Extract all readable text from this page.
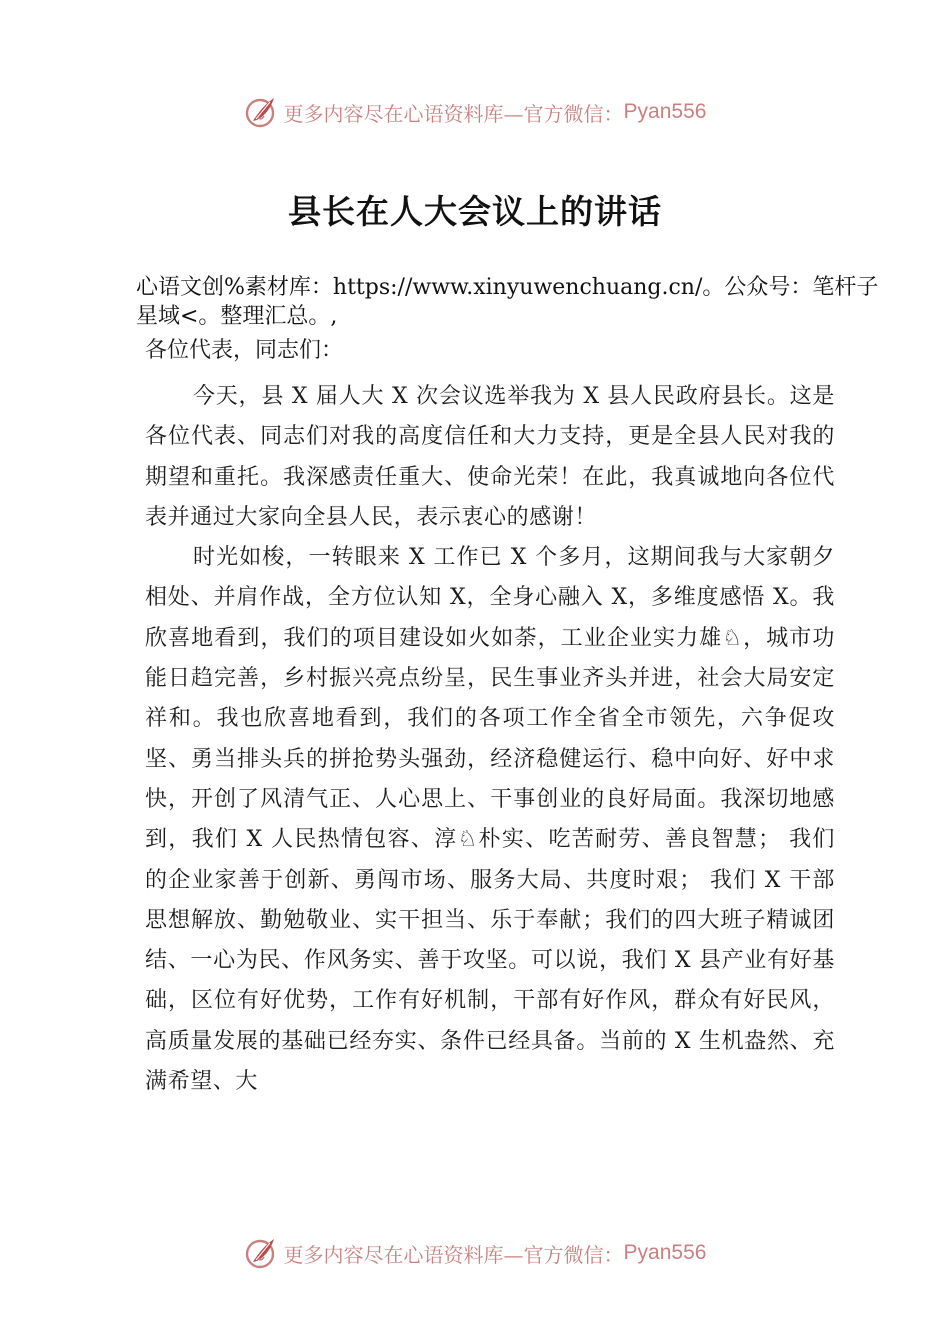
更多内容尽在心语资料库—官方微信： Pyan556
县长在人大会议上的讲话
心语文创%素材库：https://www.xinyuwenchuang.cn/。公众号：笔杆子星域<。整理汇总。,

各位代表，同志们：

今天，县 X 届人大 X 次会议选举我为 X 县人民政府县长。这是各位代表、同志们对我的高度信任和大力支持，更是全县人民对我的期望和重托。我深感责任重大、使命光荣！在此，我真诚地向各位代表并通过大家向全县人民，表示衷心的感谢！

时光如梭，一转眼来 X 工作已 X 个多月，这期间我与大家朝夕相处、并肩作战，全方位认知 X，全身心融入 X，多维度感悟 X。我欣喜地看到，我们的项目建设如火如荼，工业企业实力雄♘，城市功能日趋完善，乡村振兴亮点纷呈，民生事业齐头并进，社会大局安定祥和。我也欣喜地看到，我们的各项工作全省全市领先，六争促攻坚、勇当排头兵的拼抢势头强劲，经济稳健运行、稳中向好、好中求快，开创了风清气正、人心思上、干事创业的良好局面。我深切地感到，我们 X 人民热情包容、淳♘朴实、吃苦耐劳、善良智慧； 我们的企业家善于创新、勇闯市场、服务大局、共度时艰； 我们 X 干部思想解放、勤勉敬业、实干担当、乐于奉献；我们的四大班子精诚团结、一心为民、作风务实、善于攻坚。可以说，我们 X 县产业有好基础，区位有好优势，工作有好机制，干部有好作风，群众有好民风，高质量发展的基础已经夯实、条件已经具备。当前的 X 生机盎然、充满希望、大

更多内容尽在心语资料库—官方微信： Pyan556
